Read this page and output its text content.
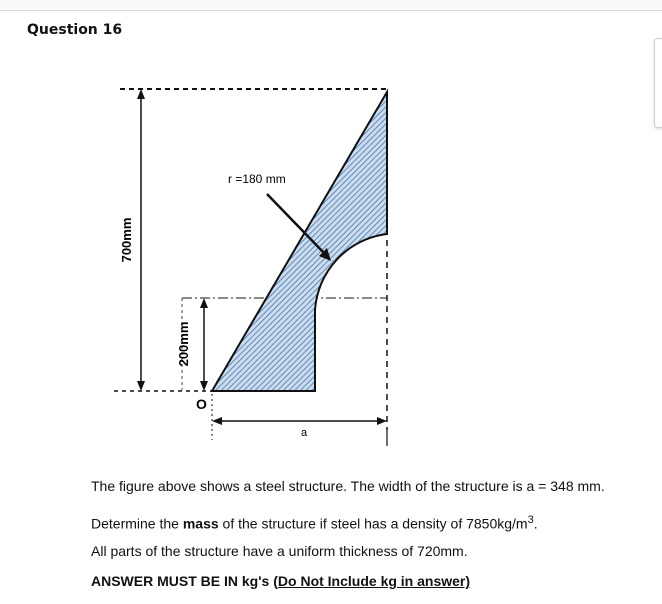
Question 16
700mm
200mm
O
a
r =180 mm

The figure above shows a steel structure. The width of the structure is a = 348 mm.

Determine the mass of the structure if steel has a density of $7850kg/m^3$.

All parts of the structure have a uniform thickness of 720mm.

ANSWER MUST BE IN kg's (Do Not Include kg in answer)
